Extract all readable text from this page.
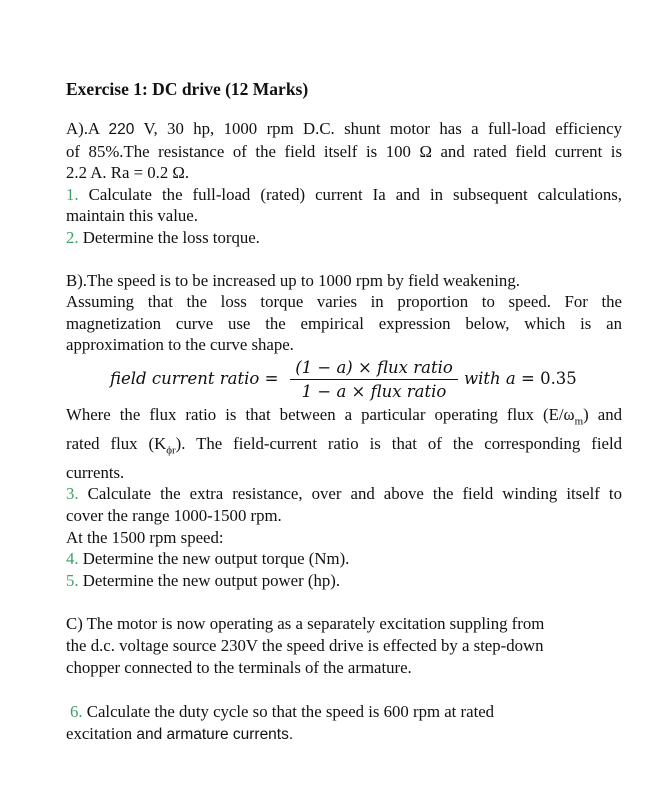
Exercise 1: DC drive (12 Marks)

A).A 220 V, 30 hp, 1000 rpm D.C. shunt motor has a full-load efficiency

of 85%.The resistance of the field itself is 100 Ω and rated field current is

2.2 A. Ra = 0.2 Ω.

1. Calculate the full-load (rated) current Ia and in subsequent calculations,

maintain this value.

2. Determine the loss torque.

B).The speed is to be increased up to 1000 rpm by field weakening.

Assuming that the loss torque varies in proportion to speed. For the

magnetization curve use the empirical expression below, which is an

approximation to the curve shape.

field current ratio =
(1 − a) × flux ratio
1 − a × flux ratio
with a = 0.35

Where the flux ratio is that between a particular operating flux $(E/\omega_m)$ and

rated flux $(K_{\phi r})$. The field-current ratio is that of the corresponding field

currents.

3. Calculate the extra resistance, over and above the field winding itself to

cover the range 1000-1500 rpm.

At the 1500 rpm speed:

4. Determine the new output torque (Nm).

5. Determine the new output power (hp).

C) The motor is now operating as a separately excitation suppling from

the d.c. voltage source 230V the speed drive is effected by a step-down

chopper connected to the terminals of the armature.

6. Calculate the duty cycle so that the speed is 600 rpm at rated

excitation and armature currents.
